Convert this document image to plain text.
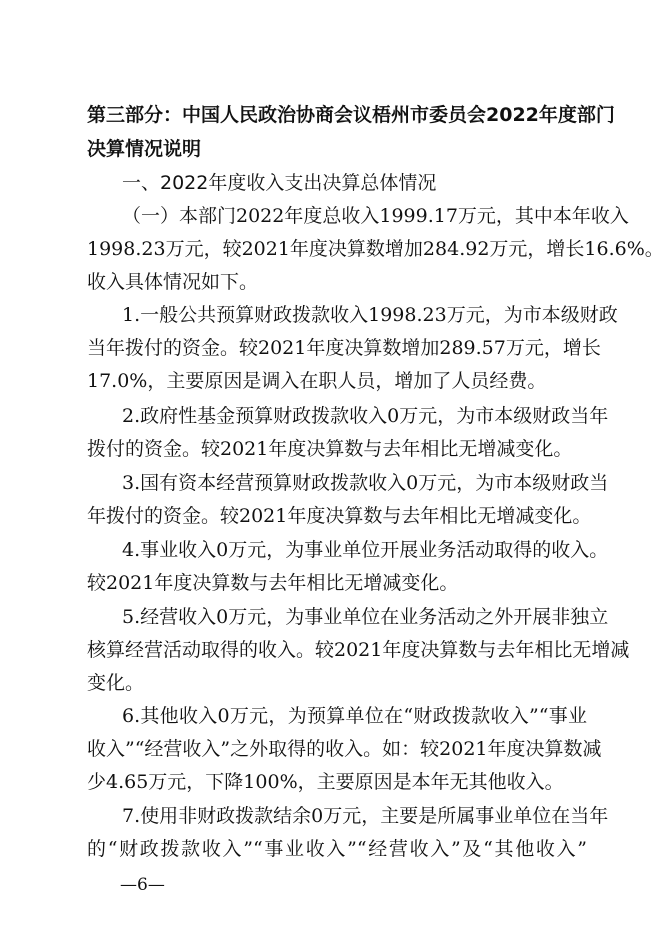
第三部分：中国人民政治协商会议梧州市委员会2022年度部门
决算情况说明
一、2022年度收入支出决算总体情况
（一）本部门2022年度总收入1999.17万元，其中本年收入
1998.23万元，较2021年度决算数增加284.92万元，增长16.6%。
收入具体情况如下。
1.一般公共预算财政拨款收入1998.23万元，为市本级财政
当年拨付的资金。较2021年度决算数增加289.57万元，增长
17.0%，主要原因是调入在职人员，增加了人员经费。
2.政府性基金预算财政拨款收入0万元，为市本级财政当年
拨付的资金。较2021年度决算数与去年相比无增减变化。
3.国有资本经营预算财政拨款收入0万元，为市本级财政当
年拨付的资金。较2021年度决算数与去年相比无增减变化。
4.事业收入0万元，为事业单位开展业务活动取得的收入。
较2021年度决算数与去年相比无增减变化。
5.经营收入0万元，为事业单位在业务活动之外开展非独立
核算经营活动取得的收入。较2021年度决算数与去年相比无增减
变化。
6.其他收入0万元，为预算单位在“财政拨款收入”“事业
收入”“经营收入”之外取得的收入。如：较2021年度决算数减
少4.65万元，下降100%，主要原因是本年无其他收入。
7.使用非财政拨款结余0万元，主要是所属事业单位在当年
的“财政拨款收入”“事业收入”“经营收入”及“其他收入”
—6—
